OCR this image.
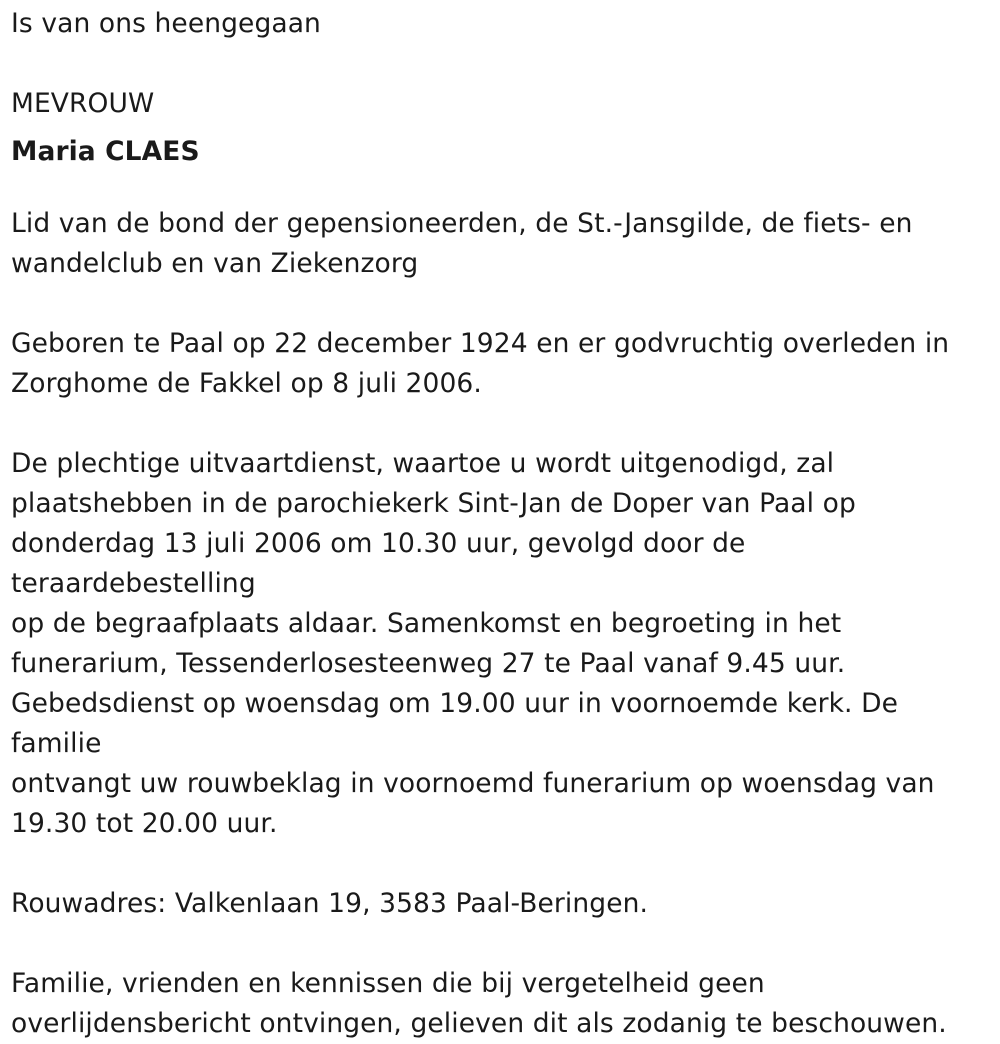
Is van ons heengegaan

MEVROUW

Maria CLAES

Lid van de bond der gepensioneerden, de St.-Jansgilde, de fiets- en
wandelclub en van Ziekenzorg

Geboren te Paal op 22 december 1924 en er godvruchtig overleden in
Zorghome de Fakkel op 8 juli 2006.

De plechtige uitvaartdienst, waartoe u wordt uitgenodigd, zal
plaatshebben in de parochiekerk Sint-Jan de Doper van Paal op
donderdag 13 juli 2006 om 10.30 uur, gevolgd door de teraardebestelling
op de begraafplaats aldaar. Samenkomst en begroeting in het
funerarium, Tessenderlosesteenweg 27 te Paal vanaf 9.45 uur.
Gebedsdienst op woensdag om 19.00 uur in voornoemde kerk. De familie
ontvangt uw rouwbeklag in voornoemd funerarium op woensdag van
19.30 tot 20.00 uur.

Rouwadres: Valkenlaan 19, 3583 Paal-Beringen.

Familie, vrienden en kennissen die bij vergetelheid geen
overlijdensbericht ontvingen, gelieven dit als zodanig te beschouwen.
